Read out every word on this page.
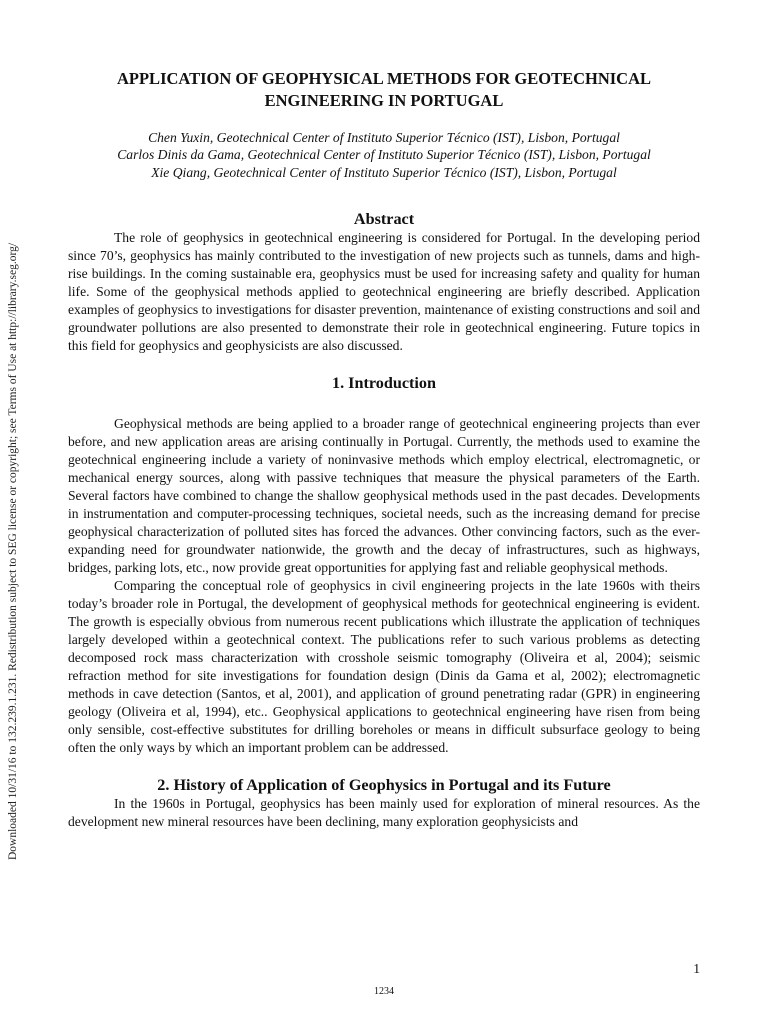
Downloaded 10/31/16 to 132.239.1.231. Redistribution subject to SEG license or copyright; see Terms of Use at http://library.seg.org/
APPLICATION OF GEOPHYSICAL METHODS FOR GEOTECHNICAL
ENGINEERING IN PORTUGAL
Chen Yuxin, Geotechnical Center of Instituto Superior Técnico (IST), Lisbon, Portugal
Carlos Dinis da Gama, Geotechnical Center of Instituto Superior Técnico (IST), Lisbon, Portugal
Xie Qiang, Geotechnical Center of Instituto Superior Técnico (IST), Lisbon, Portugal
Abstract

The role of geophysics in geotechnical engineering is considered for Portugal. In the developing period since 70’s, geophysics has mainly contributed to the investigation of new projects such as tunnels, dams and high-rise buildings. In the coming sustainable era, geophysics must be used for increasing safety and quality for human life. Some of the geophysical methods applied to geotechnical engineering are briefly described. Application examples of geophysics to investigations for disaster prevention, maintenance of existing constructions and soil and groundwater pollutions are also presented to demonstrate their role in geotechnical engineering. Future topics in this field for geophysics and geophysicists are also discussed.

1. Introduction

Geophysical methods are being applied to a broader range of geotechnical engineering projects than ever before, and new application areas are arising continually in Portugal. Currently, the methods used to examine the geotechnical engineering include a variety of noninvasive methods which employ electrical, electromagnetic, or mechanical energy sources, along with passive techniques that measure the physical parameters of the Earth. Several factors have combined to change the shallow geophysical methods used in the past decades. Developments in instrumentation and computer-processing techniques, societal needs, such as the increasing demand for precise geophysical characterization of polluted sites has forced the advances. Other convincing factors, such as the ever-expanding need for groundwater nationwide, the growth and the decay of infrastructures, such as highways, bridges, parking lots, etc., now provide great opportunities for applying fast and reliable geophysical methods.

Comparing the conceptual role of geophysics in civil engineering projects in the late 1960s with theirs today’s broader role in Portugal, the development of geophysical methods for geotechnical engineering is evident. The growth is especially obvious from numerous recent publications which illustrate the application of techniques largely developed within a geotechnical context. The publications refer to such various problems as detecting decomposed rock mass characterization with crosshole seismic tomography (Oliveira et al, 2004); seismic refraction method for site investigations for foundation design (Dinis da Gama et al, 2002); electromagnetic methods in cave detection (Santos, et al, 2001), and application of ground penetrating radar (GPR) in engineering geology (Oliveira et al, 1994), etc.. Geophysical applications to geotechnical engineering have risen from being only sensible, cost-effective substitutes for drilling boreholes or means in difficult subsurface geology to being often the only ways by which an important problem can be addressed.

2. History of Application of Geophysics in Portugal and its Future

In the 1960s in Portugal, geophysics has been mainly used for exploration of mineral resources. As the development new mineral resources have been declining, many exploration geophysicists and

1
1234
